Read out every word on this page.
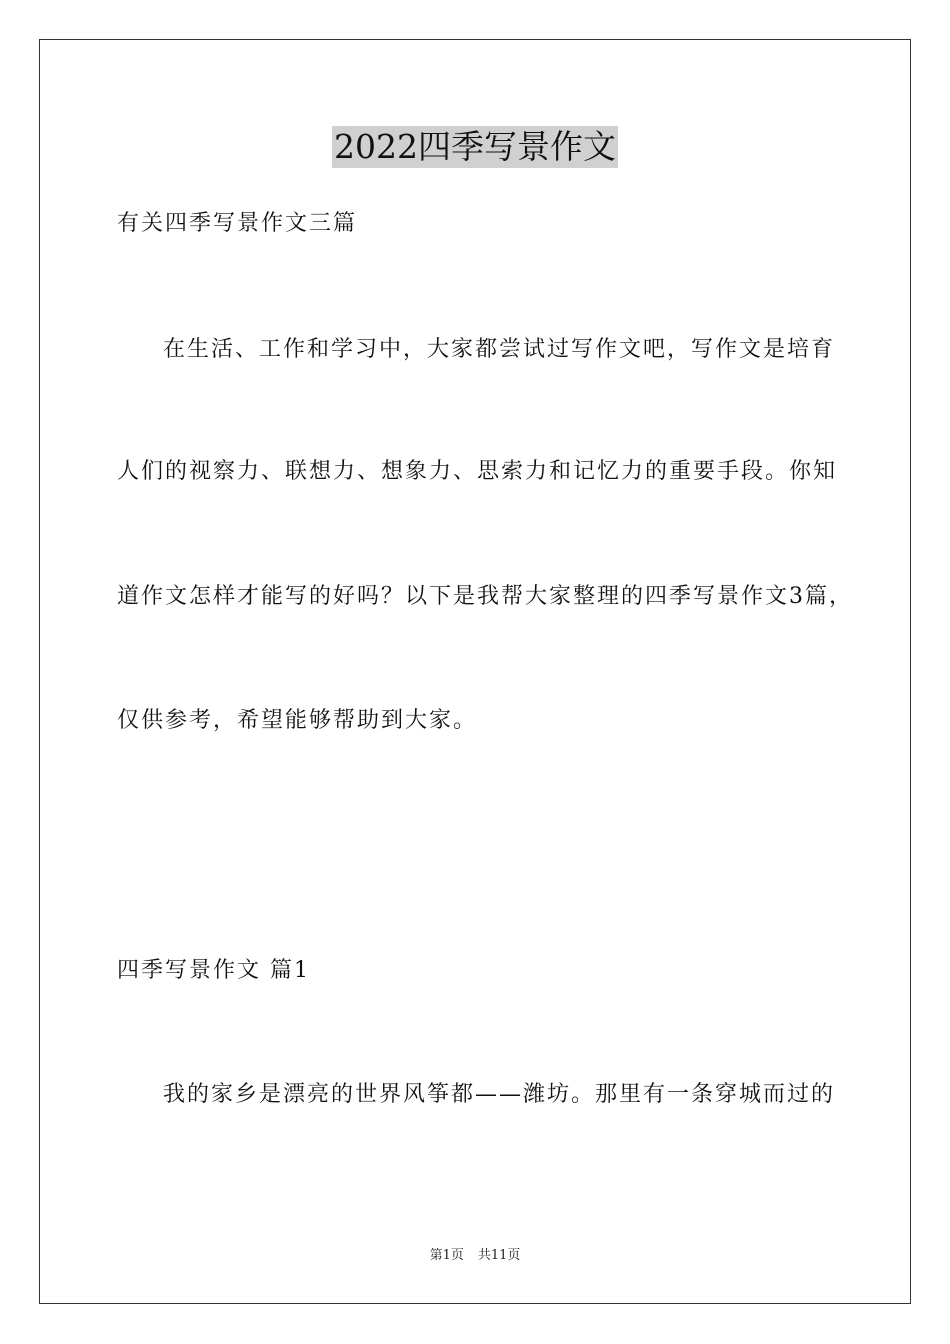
2022四季写景作文
有关四季写景作文三篇
在生活、工作和学习中，大家都尝试过写作文吧，写作文是培育
人们的视察力、联想力、想象力、思索力和记忆力的重要手段。你知
道作文怎样才能写的好吗？以下是我帮大家整理的四季写景作文3篇，
仅供参考，希望能够帮助到大家。
四季写景作文 篇1
我的家乡是漂亮的世界风筝都——潍坊。那里有一条穿城而过的
第1页 共11页
